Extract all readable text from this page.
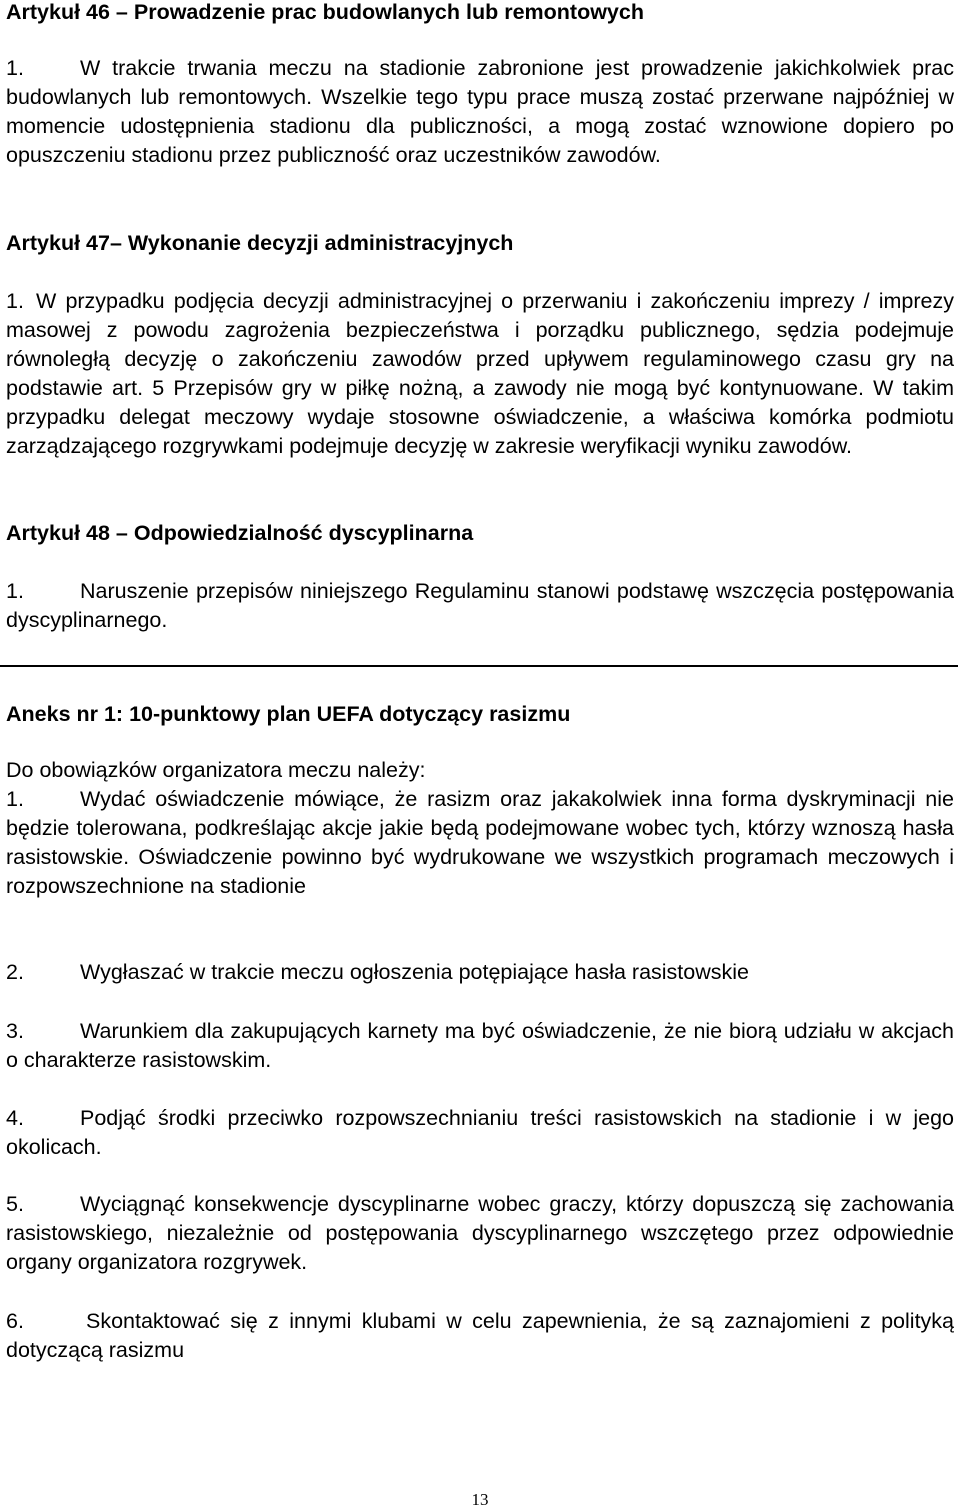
Artykuł 46 – Prowadzenie prac budowlanych lub remontowych

1.	W trakcie trwania meczu na stadionie zabronione jest prowadzenie jakichkolwiek prac budowlanych lub remontowych. Wszelkie tego typu prace muszą zostać przerwane najpóźniej w momencie udostępnienia stadionu dla publiczności, a mogą zostać wznowione dopiero po opuszczeniu stadionu przez publiczność oraz uczestników zawodów.

Artykuł 47– Wykonanie decyzji administracyjnych

1. W przypadku podjęcia decyzji administracyjnej o przerwaniu i zakończeniu imprezy / imprezy masowej z powodu zagrożenia bezpieczeństwa i porządku publicznego, sędzia podejmuje równoległą decyzję o zakończeniu zawodów przed upływem regulaminowego czasu gry na podstawie art. 5 Przepisów gry w piłkę nożną, a zawody nie mogą być kontynuowane. W takim przypadku delegat meczowy wydaje stosowne oświadczenie, a właściwa komórka podmiotu zarządzającego rozgrywkami podejmuje decyzję w zakresie weryfikacji wyniku zawodów.

Artykuł 48 – Odpowiedzialność dyscyplinarna

1.	Naruszenie przepisów niniejszego Regulaminu stanowi podstawę wszczęcia postępowania dyscyplinarnego.

Aneks nr 1: 10-punktowy plan UEFA dotyczący rasizmu
Do obowiązków organizatora meczu należy:

1.	Wydać oświadczenie mówiące, że rasizm oraz jakakolwiek inna forma dyskryminacji nie będzie tolerowana, podkreślając akcje jakie będą podejmowane wobec tych, którzy wznoszą hasła rasistowskie. Oświadczenie powinno być wydrukowane we wszystkich programach meczowych i rozpowszechnione na stadionie

2.	Wygłaszać w trakcie meczu ogłoszenia potępiające hasła rasistowskie

3.	Warunkiem dla zakupujących karnety ma być oświadczenie, że nie biorą udziału w akcjach o charakterze rasistowskim.

4.	Podjąć środki przeciwko rozpowszechnianiu treści rasistowskich na stadionie i w jego okolicach.

5.	Wyciągnąć konsekwencje dyscyplinarne wobec graczy, którzy dopuszczą się zachowania rasistowskiego, niezależnie od postępowania dyscyplinarnego wszczętego przez odpowiednie organy organizatora rozgrywek.

6.	Skontaktować się z innymi klubami w celu zapewnienia, że są zaznajomieni z polityką dotyczącą rasizmu

13
